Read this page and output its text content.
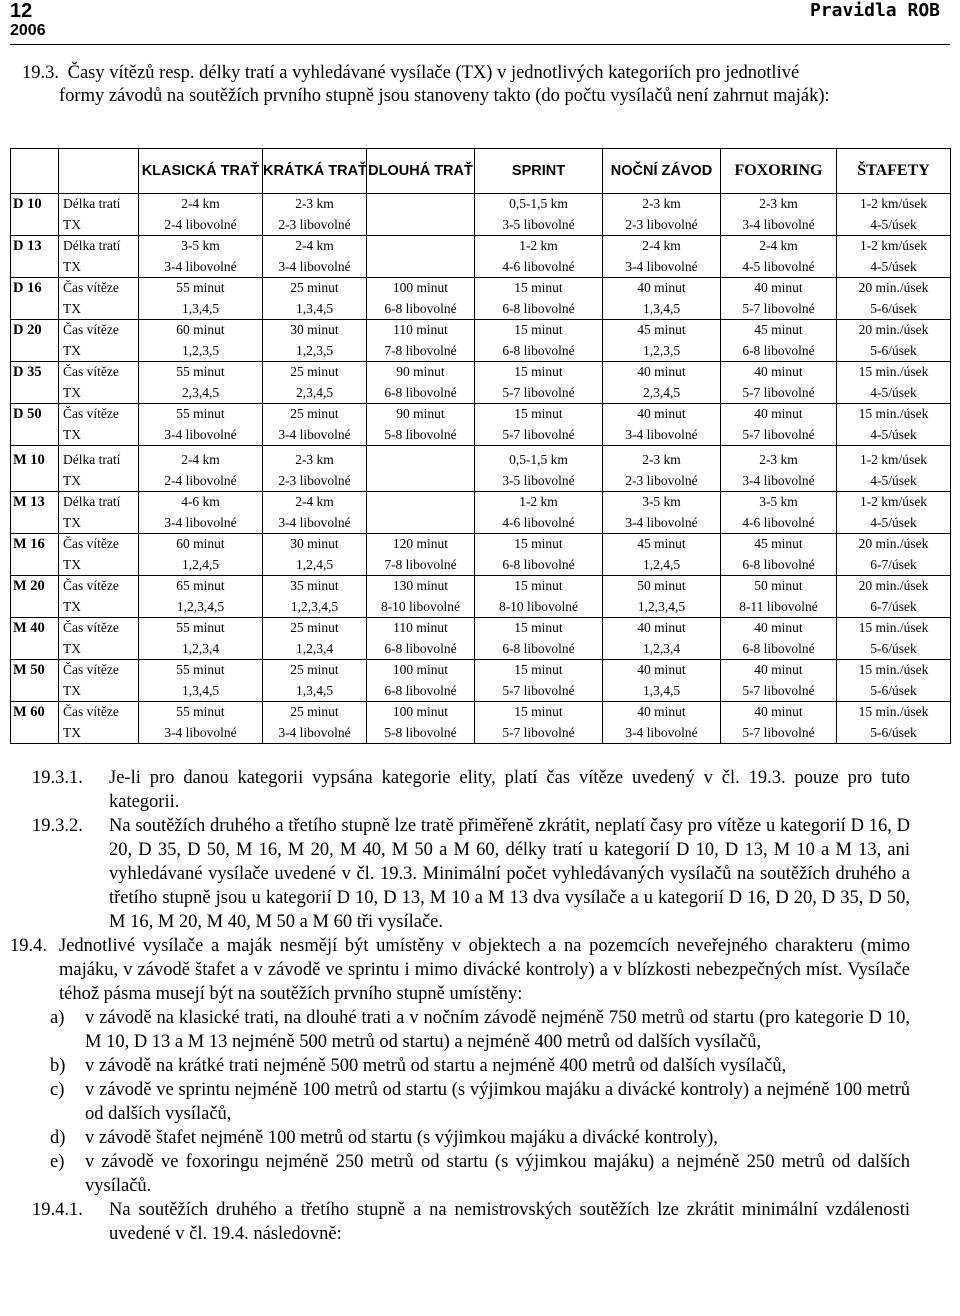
12
2006
Pravidla ROB
19.3. Časy vítězů resp. délky tratí a vyhledávané vysílače (TX) v jednotlivých kategoriích pro jednotlivé
formy závodů na soutěžích prvního stupně jsou stanoveny takto (do počtu vysílačů není zahrnut maják):
		KLASICKÁ TRAŤ	KRÁTKÁ TRAŤ	DLOUHÁ TRAŤ	SPRINT	NOČNÍ ZÁVOD	FOXORING	ŠTAFETY
D 10	Délka tratí	2-4 km	2-3 km		0,5-1,5 km	2-3 km	2-3 km	1-2 km/úsek
	TX	2-4 libovolné	2-3 libovolné		3-5 libovolné	2-3 libovolné	3-4 libovolné	4-5/úsek
D 13	Délka tratí	3-5 km	2-4 km		1-2 km	2-4 km	2-4 km	1-2 km/úsek
	TX	3-4 libovolné	3-4 libovolné		4-6 libovolné	3-4 libovolné	4-5 libovolné	4-5/úsek
D 16	Čas vítěze	55 minut	25 minut	100 minut	15 minut	40 minut	40 minut	20 min./úsek
	TX	1,3,4,5	1,3,4,5	6-8 libovolné	6-8 libovolné	1,3,4,5	5-7 libovolné	5-6/úsek
D 20	Čas vítěze	60 minut	30 minut	110 minut	15 minut	45 minut	45 minut	20 min./úsek
	TX	1,2,3,5	1,2,3,5	7-8 libovolné	6-8 libovolné	1,2,3,5	6-8 libovolné	5-6/úsek
D 35	Čas vítěze	55 minut	25 minut	90 minut	15 minut	40 minut	40 minut	15 min./úsek
	TX	2,3,4,5	2,3,4,5	6-8 libovolné	5-7 libovolné	2,3,4,5	5-7 libovolné	4-5/úsek
D 50	Čas vítěze	55 minut	25 minut	90 minut	15 minut	40 minut	40 minut	15 min./úsek
	TX	3-4 libovolné	3-4 libovolné	5-8 libovolné	5-7 libovolné	3-4 libovolné	5-7 libovolné	4-5/úsek

M 10	Délka tratí	2-4 km	2-3 km		0,5-1,5 km	2-3 km	2-3 km	1-2 km/úsek
	TX	2-4 libovolné	2-3 libovolné		3-5 libovolné	2-3 libovolné	3-4 libovolné	4-5/úsek
M 13	Délka tratí	4-6 km	2-4 km		1-2 km	3-5 km	3-5 km	1-2 km/úsek
	TX	3-4 libovolné	3-4 libovolné		4-6 libovolné	3-4 libovolné	4-6 libovolné	4-5/úsek
M 16	Čas vítěze	60 minut	30 minut	120 minut	15 minut	45 minut	45 minut	20 min./úsek
	TX	1,2,4,5	1,2,4,5	7-8 libovolné	6-8 libovolné	1,2,4,5	6-8 libovolné	6-7/úsek
M 20	Čas vítěze	65 minut	35 minut	130 minut	15 minut	50 minut	50 minut	20 min./úsek
	TX	1,2,3,4,5	1,2,3,4,5	8-10 libovolné	8-10 libovolné	1,2,3,4,5	8-11 libovolné	6-7/úsek
M 40	Čas vítěze	55 minut	25 minut	110 minut	15 minut	40 minut	40 minut	15 min./úsek
	TX	1,2,3,4	1,2,3,4	6-8 libovolné	6-8 libovolné	1,2,3,4	6-8 libovolné	5-6/úsek
M 50	Čas vítěze	55 minut	25 minut	100 minut	15 minut	40 minut	40 minut	15 min./úsek
	TX	1,3,4,5	1,3,4,5	6-8 libovolné	5-7 libovolné	1,3,4,5	5-7 libovolné	5-6/úsek
M 60	Čas vítěze	55 minut	25 minut	100 minut	15 minut	40 minut	40 minut	15 min./úsek
	TX	3-4 libovolné	3-4 libovolné	5-8 libovolné	5-7 libovolné	3-4 libovolné	5-7 libovolné	5-6/úsek
19.3.1.	Je-li pro danou kategorii vypsána kategorie elity, platí čas vítěze uvedený v čl. 19.3. pouze pro tuto kategorii.
19.3.2.	Na soutěžích druhého a třetího stupně lze tratě přiměřeně zkrátit, neplatí časy pro vítěze u kategorií D 16, D 20, D 35, D 50, M 16, M 20, M 40, M 50 a M 60, délky tratí u kategorií D 10, D 13, M 10 a M 13, ani vyhledávané vysílače uvedené v čl. 19.3. Minimální počet vyhledávaných vysílačů na soutěžích druhého a třetího stupně jsou u kategorií D 10, D 13, M 10 a M 13 dva vysílače a u kategorií D 16, D 20, D 35, D 50, M 16, M 20, M 40, M 50 a M 60 tři vysílače.
19.4. Jednotlivé vysílače a maják nesmějí být umístěny v objektech a na pozemcích neveřejného charakteru (mimo majáku, v závodě štafet a v závodě ve sprintu i mimo divácké kontroly) a v blízkosti nebezpečných míst. Vysílače téhož pásma musejí být na soutěžích prvního stupně umístěny:
a)	v závodě na klasické trati, na dlouhé trati a v nočním závodě nejméně 750 metrů od startu (pro kategorie D 10, M 10, D 13 a M 13 nejméně 500 metrů od startu) a nejméně 400 metrů od dalších vysílačů,
b)	v závodě na krátké trati nejméně 500 metrů od startu a nejméně 400 metrů od dalších vysílačů,
c)	v závodě ve sprintu nejméně 100 metrů od startu (s výjimkou majáku a divácké kontroly) a nejméně 100 metrů od dalších vysílačů,
d)	v závodě štafet nejméně 100 metrů od startu (s výjimkou majáku a divácké kontroly),
e)	v závodě ve foxoringu nejméně 250 metrů od startu (s výjimkou majáku) a nejméně 250 metrů od dalších vysílačů.
19.4.1.	Na soutěžích druhého a třetího stupně a na nemistrovských soutěžích lze zkrátit minimální vzdálenosti uvedené v čl. 19.4. následovně:
